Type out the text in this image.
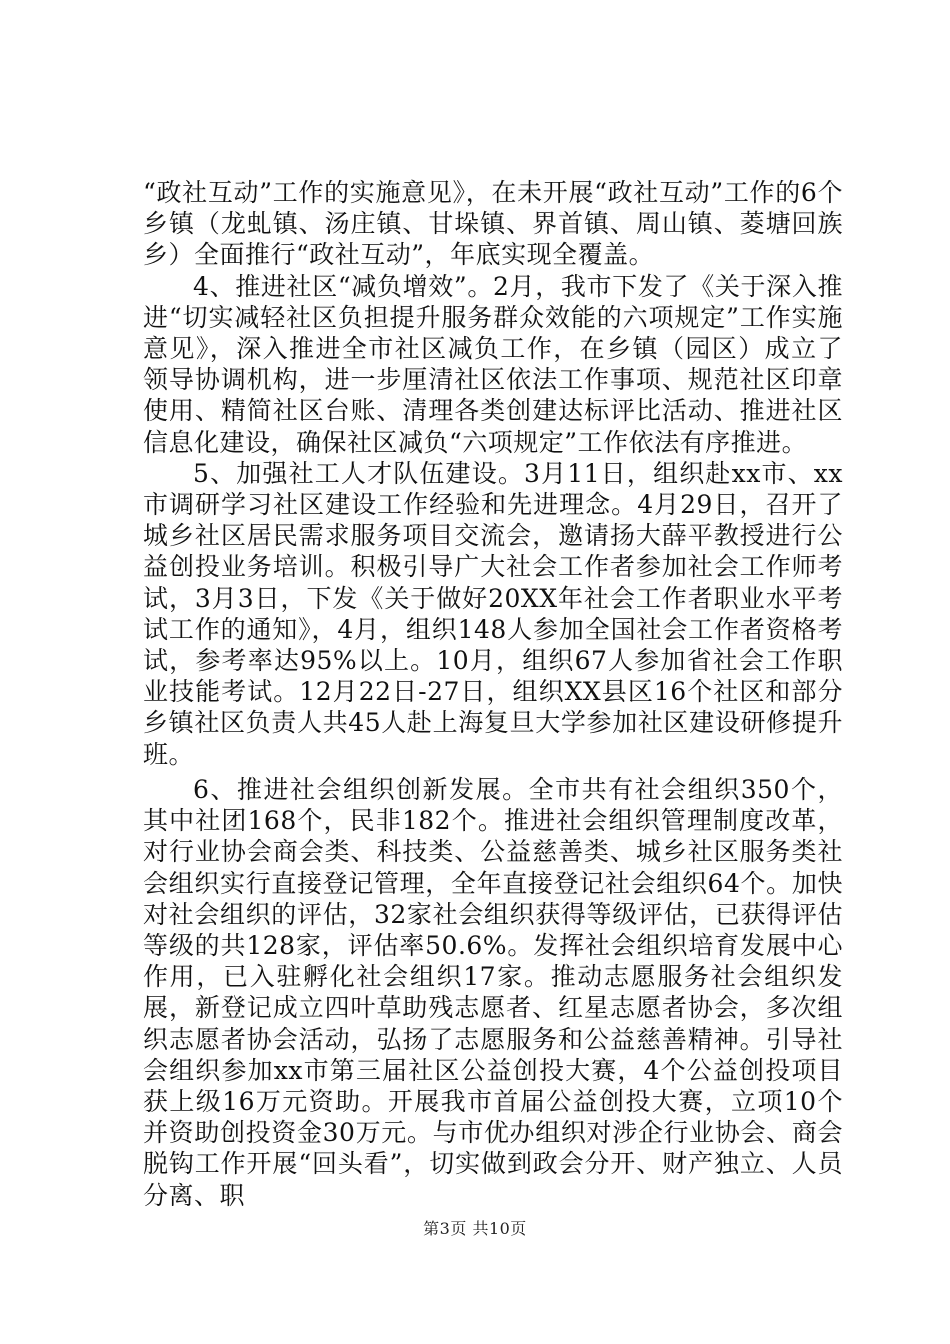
“政社互动”工作的实施意见》，在未开展“政社互动”工作的6个乡镇（龙虬镇、汤庄镇、甘垛镇、界首镇、周山镇、菱塘回族乡）全面推行“政社互动”，年底实现全覆盖。

4、推进社区“减负增效”。2月，我市下发了《关于深入推进“切实减轻社区负担提升服务群众效能的六项规定”工作实施意见》，深入推进全市社区减负工作，在乡镇（园区）成立了领导协调机构，进一步厘清社区依法工作事项、规范社区印章使用、精简社区台账、清理各类创建达标评比活动、推进社区信息化建设，确保社区减负“六项规定”工作依法有序推进。

5、加强社工人才队伍建设。3月11日，组织赴xx市、xx市调研学习社区建设工作经验和先进理念。4月29日，召开了城乡社区居民需求服务项目交流会，邀请扬大薛平教授进行公益创投业务培训。积极引导广大社会工作者参加社会工作师考试，3月3日，下发《关于做好20XX年社会工作者职业水平考试工作的通知》，4月，组织148人参加全国社会工作者资格考试，参考率达95%以上。10月，组织67人参加省社会工作职业技能考试。12月22日-27日，组织XX县区16个社区和部分乡镇社区负责人共45人赴上海复旦大学参加社区建设研修提升班。

6、推进社会组织创新发展。全市共有社会组织350个，其中社团168个，民非182个。推进社会组织管理制度改革，对行业协会商会类、科技类、公益慈善类、城乡社区服务类社会组织实行直接登记管理，全年直接登记社会组织64个。加快对社会组织的评估，32家社会组织获得等级评估，已获得评估等级的共128家，评估率50.6%。发挥社会组织培育发展中心作用，已入驻孵化社会组织17家。推动志愿服务社会组织发展，新登记成立四叶草助残志愿者、红星志愿者协会，多次组织志愿者协会活动，弘扬了志愿服务和公益慈善精神。引导社会组织参加xx市第三届社区公益创投大赛，4个公益创投项目获上级16万元资助。开展我市首届公益创投大赛，立项10个并资助创投资金30万元。与市优办组织对涉企行业协会、商会脱钩工作开展“回头看”，切实做到政会分开、财产独立、人员分离、职

第3页 共10页
